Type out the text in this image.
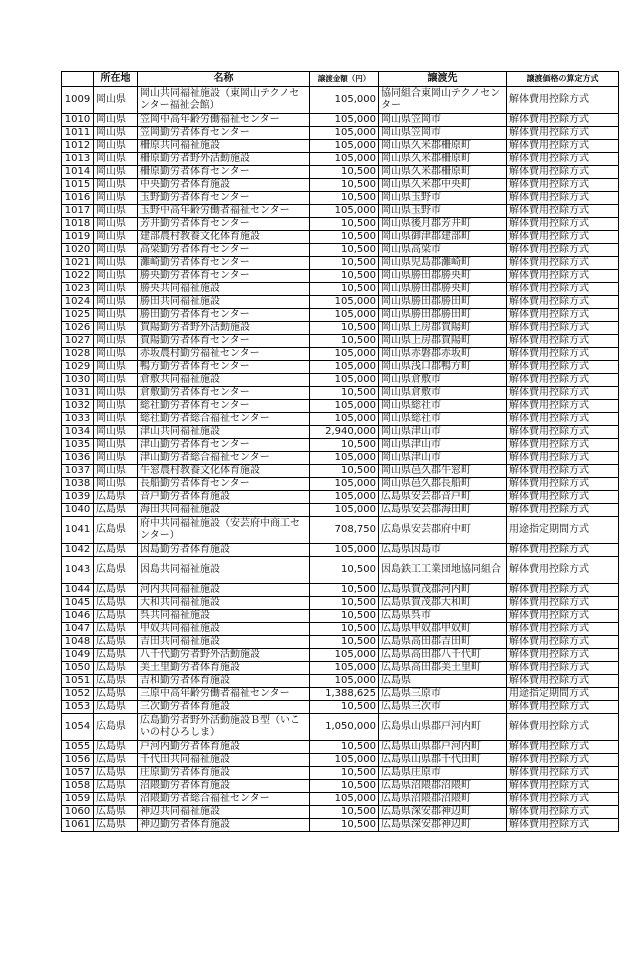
	所在地	名称	譲渡金額（円）	譲渡先	譲渡価格の算定方式
1009	岡山県	岡山共同福祉施設（東岡山テクノセンター福祉会館）	105,000	協同組合東岡山テクノセンター	解体費用控除方式
1010	岡山県	笠岡中高年齢労働福祉センター	105,000	岡山県笠岡市	解体費用控除方式
1011	岡山県	笠岡勤労者体育センター	105,000	岡山県笠岡市	解体費用控除方式
1012	岡山県	柵原共同福祉施設	105,000	岡山県久米郡柵原町	解体費用控除方式
1013	岡山県	柵原勤労者野外活動施設	105,000	岡山県久米郡柵原町	解体費用控除方式
1014	岡山県	柵原勤労者体育センター	10,500	岡山県久米郡柵原町	解体費用控除方式
1015	岡山県	中央勤労者体育施設	10,500	岡山県久米郡中央町	解体費用控除方式
1016	岡山県	玉野勤労者体育センター	10,500	岡山県玉野市	解体費用控除方式
1017	岡山県	玉野中高年齢労働者福祉センター	105,000	岡山県玉野市	解体費用控除方式
1018	岡山県	芳井勤労者体育センター	10,500	岡山県後月郡芳井町	解体費用控除方式
1019	岡山県	建部農村教養文化体育施設	10,500	岡山県御津郡建部町	解体費用控除方式
1020	岡山県	高梁勤労者体育センター	10,500	岡山県高梁市	解体費用控除方式
1021	岡山県	灘崎勤労者体育センター	10,500	岡山県児島郡灘崎町	解体費用控除方式
1022	岡山県	勝央勤労者体育センター	10,500	岡山県勝田郡勝央町	解体費用控除方式
1023	岡山県	勝央共同福祉施設	10,500	岡山県勝田郡勝央町	解体費用控除方式
1024	岡山県	勝田共同福祉施設	105,000	岡山県勝田郡勝田町	解体費用控除方式
1025	岡山県	勝田勤労者体育センター	105,000	岡山県勝田郡勝田町	解体費用控除方式
1026	岡山県	賀陽勤労者野外活動施設	10,500	岡山県上房郡賀陽町	解体費用控除方式
1027	岡山県	賀陽勤労者体育センター	10,500	岡山県上房郡賀陽町	解体費用控除方式
1028	岡山県	赤坂農村勤労福祉センター	105,000	岡山県赤磐郡赤坂町	解体費用控除方式
1029	岡山県	鴨方勤労者体育センター	105,000	岡山県浅口郡鴨方町	解体費用控除方式
1030	岡山県	倉敷共同福祉施設	105,000	岡山県倉敷市	解体費用控除方式
1031	岡山県	倉敷勤労者体育センター	10,500	岡山県倉敷市	解体費用控除方式
1032	岡山県	総社勤労者体育センター	105,000	岡山県総社市	解体費用控除方式
1033	岡山県	総社勤労者総合福祉センター	105,000	岡山県総社市	解体費用控除方式
1034	岡山県	津山共同福祉施設	2,940,000	岡山県津山市	解体費用控除方式
1035	岡山県	津山勤労者体育センター	10,500	岡山県津山市	解体費用控除方式
1036	岡山県	津山勤労者総合福祉センター	105,000	岡山県津山市	解体費用控除方式
1037	岡山県	牛窓農村教養文化体育施設	10,500	岡山県邑久郡牛窓町	解体費用控除方式
1038	岡山県	長船勤労者体育センター	105,000	岡山県邑久郡長船町	解体費用控除方式
1039	広島県	音戸勤労者体育施設	105,000	広島県安芸郡音戸町	解体費用控除方式
1040	広島県	海田共同福祉施設	105,000	広島県安芸郡海田町	解体費用控除方式
1041	広島県	府中共同福祉施設（安芸府中商工センター）	708,750	広島県安芸郡府中町	用途指定期間方式
1042	広島県	因島勤労者体育施設	105,000	広島県因島市	解体費用控除方式
1043	広島県	因島共同福祉施設	10,500	因島鉄工工業団地協同組合	解体費用控除方式
1044	広島県	河内共同福祉施設	10,500	広島県賀茂郡河内町	解体費用控除方式
1045	広島県	大和共同福祉施設	10,500	広島県賀茂郡大和町	解体費用控除方式
1046	広島県	呉共同福祉施設	10,500	広島県呉市	解体費用控除方式
1047	広島県	甲奴共同福祉施設	10,500	広島県甲奴郡甲奴町	解体費用控除方式
1048	広島県	吉田共同福祉施設	10,500	広島県高田郡吉田町	解体費用控除方式
1049	広島県	八千代勤労者野外活動施設	105,000	広島県高田郡八千代町	解体費用控除方式
1050	広島県	美土里勤労者体育施設	105,000	広島県高田郡美土里町	解体費用控除方式
1051	広島県	吉和勤労者体育施設	105,000	広島県	解体費用控除方式
1052	広島県	三原中高年齢労働者福祉センター	1,388,625	広島県三原市	用途指定期間方式
1053	広島県	三次勤労者体育施設	10,500	広島県三次市	解体費用控除方式
1054	広島県	広島勤労者野外活動施設Ｂ型（いこいの村ひろしま）	1,050,000	広島県山県郡戸河内町	解体費用控除方式
1055	広島県	戸河内勤労者体育施設	10,500	広島県山県郡戸河内町	解体費用控除方式
1056	広島県	千代田共同福祉施設	105,000	広島県山県郡千代田町	解体費用控除方式
1057	広島県	庄原勤労者体育施設	10,500	広島県庄原市	解体費用控除方式
1058	広島県	沼隈勤労者体育施設	10,500	広島県沼隈郡沼隈町	解体費用控除方式
1059	広島県	沼隈勤労者総合福祉センター	105,000	広島県沼隈郡沼隈町	解体費用控除方式
1060	広島県	神辺共同福祉施設	10,500	広島県深安郡神辺町	解体費用控除方式
1061	広島県	神辺勤労者体育施設	10,500	広島県深安郡神辺町	解体費用控除方式
